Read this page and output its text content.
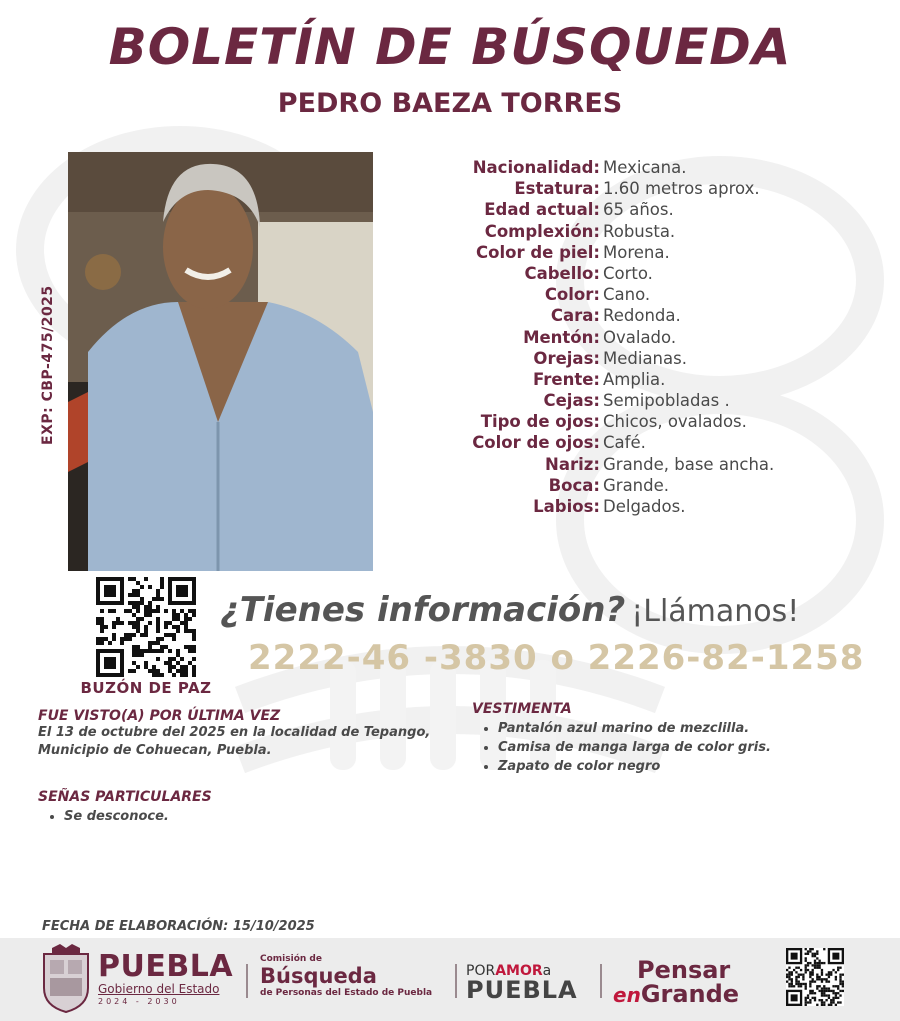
BOLETÍN DE BÚSQUEDA
PEDRO BAEZA TORRES
EXP: CBP-475/2025
Nacionalidad: Mexicana.
Estatura: 1.60 metros aprox.
Edad actual: 65 años.
Complexión: Robusta.
Color de piel: Morena.
Cabello: Corto.
Color: Cano.
Cara: Redonda.
Mentón: Ovalado.
Orejas: Medianas.
Frente: Amplia.
Cejas: Semipobladas .
Tipo de ojos: Chicos, ovalados.
Color de ojos: Café.
Nariz: Grande, base ancha.
Boca: Grande.
Labios: Delgados.
BUZÓN DE PAZ
¿Tienes información? ¡Llámanos!
2222-46 -3830 o 2226-82-1258
FUE VISTO(A) POR ÚLTIMA VEZ
El 13 de octubre del 2025 en la localidad de Tepango, Municipio de Cohuecan, Puebla.
VESTIMENTA
• Pantalón azul marino de mezclilla.
• Camisa de manga larga de color gris.
• Zapato de color negro
SEÑAS PARTICULARES
• Se desconoce.
FECHA DE ELABORACIÓN: 15/10/2025
PUEBLA
Gobierno del Estado
2024 - 2030
Comisión de
Búsqueda
de Personas del Estado de Puebla
PORAMORa
PUEBLA
Pensar
enGrande
